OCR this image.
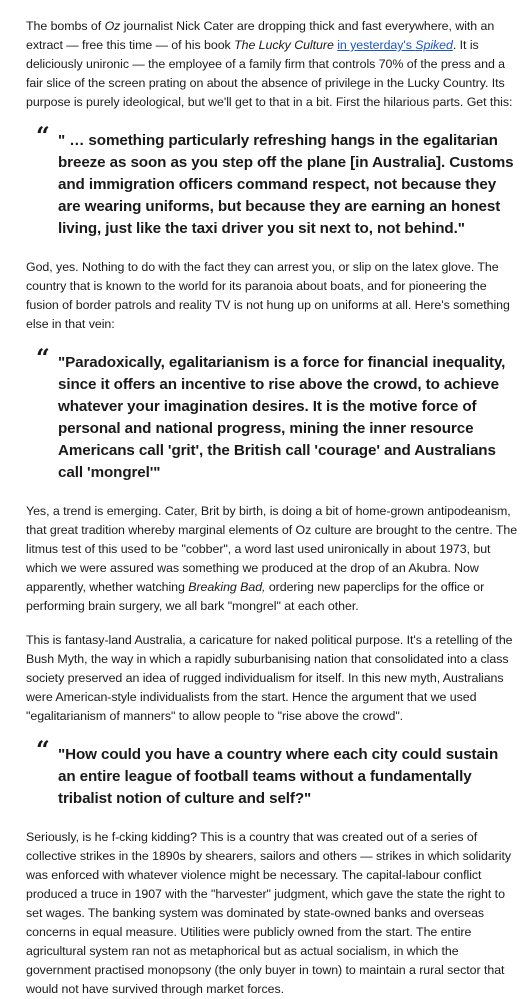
The bombs of Oz journalist Nick Cater are dropping thick and fast everywhere, with an extract — free this time — of his book The Lucky Culture in yesterday's Spiked. It is deliciously unironic — the employee of a family firm that controls 70% of the press and a fair slice of the screen prating on about the absence of privilege in the Lucky Country. Its purpose is purely ideological, but we'll get to that in a bit. First the hilarious parts. Get this:

“ " … something particularly refreshing hangs in the egalitarian breeze as soon as you step off the plane [in Australia]. Customs and immigration officers command respect, not because they are wearing uniforms, but because they are earning an honest living, just like the taxi driver you sit next to, not behind."

God, yes. Nothing to do with the fact they can arrest you, or slip on the latex glove. The country that is known to the world for its paranoia about boats, and for pioneering the fusion of border patrols and reality TV is not hung up on uniforms at all. Here's something else in that vein:

“ "Paradoxically, egalitarianism is a force for financial inequality, since it offers an incentive to rise above the crowd, to achieve whatever your imagination desires. It is the motive force of personal and national progress, mining the inner resource Americans call 'grit', the British call 'courage' and Australians call 'mongrel'"

Yes, a trend is emerging. Cater, Brit by birth, is doing a bit of home-grown antipodeanism, that great tradition whereby marginal elements of Oz culture are brought to the centre. The litmus test of this used to be "cobber", a word last used unironically in about 1973, but which we were assured was something we produced at the drop of an Akubra. Now apparently, whether watching Breaking Bad, ordering new paperclips for the office or performing brain surgery, we all bark "mongrel" at each other.

This is fantasy-land Australia, a caricature for naked political purpose. It's a retelling of the Bush Myth, the way in which a rapidly suburbanising nation that consolidated into a class society preserved an idea of rugged individualism for itself. In this new myth, Australians were American-style individualists from the start. Hence the argument that we used "egalitarianism of manners" to allow people to "rise above the crowd".

“ "How could you have a country where each city could sustain an entire league of football teams without a fundamentally tribalist notion of culture and self?"

Seriously, is he f-cking kidding? This is a country that was created out of a series of collective strikes in the 1890s by shearers, sailors and others — strikes in which solidarity was enforced with whatever violence might be necessary. The capital-labour conflict produced a truce in 1907 with the "harvester" judgment, which gave the state the right to set wages. The banking system was dominated by state-owned banks and overseas concerns in equal measure. Utilities were publicly owned from the start. The entire agricultural system ran not as metaphorical but as actual socialism, in which the government practised monopsony (the only buyer in town) to maintain a rural sector that would not have survived through market forces.
